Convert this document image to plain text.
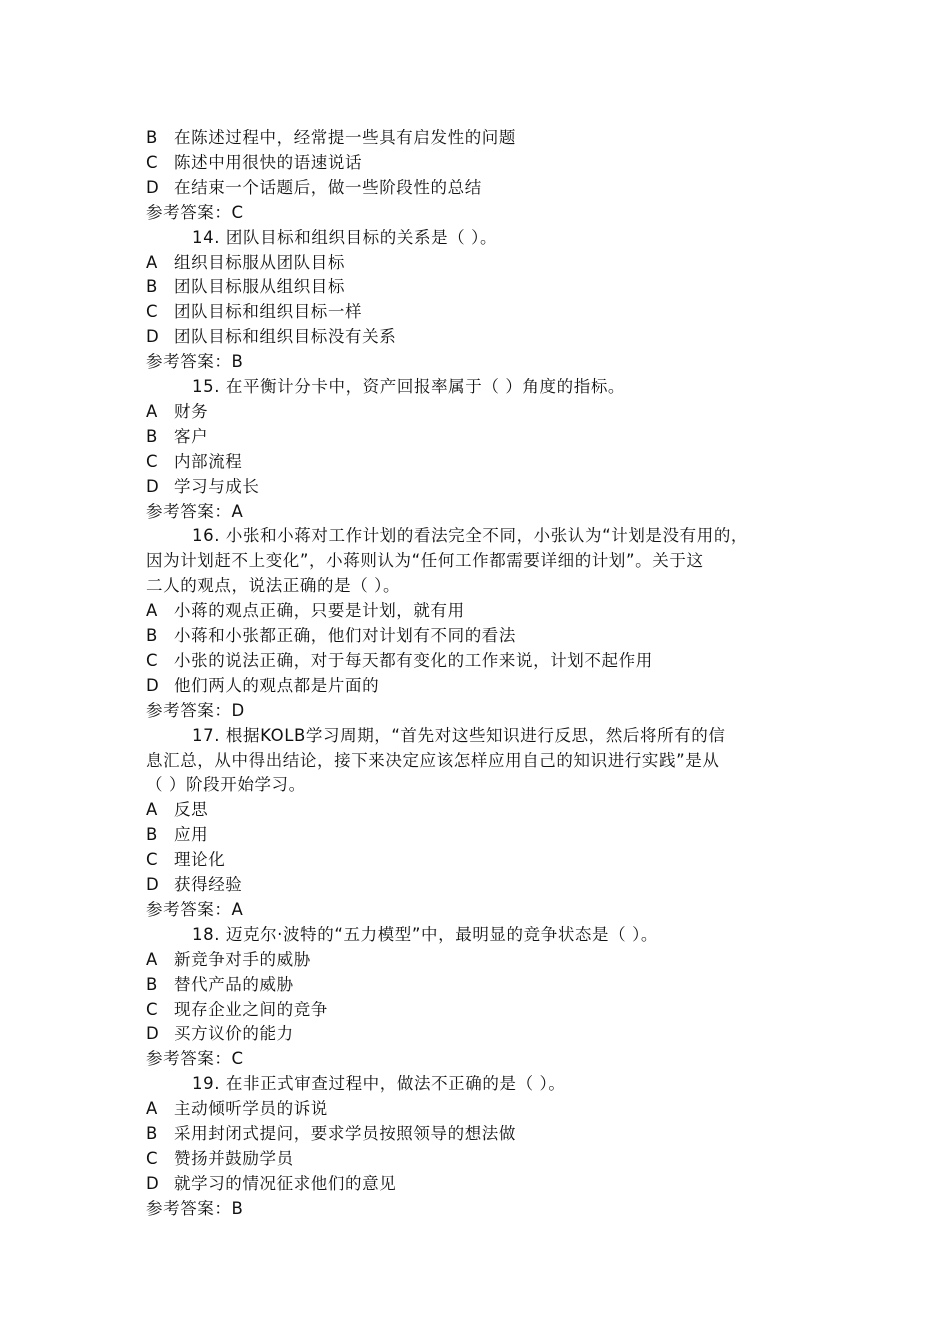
B 在陈述过程中，经常提一些具有启发性的问题
C 陈述中用很快的语速说话
D 在结束一个话题后，做一些阶段性的总结
参考答案：C
14. 团队目标和组织目标的关系是（ ）。
A 组织目标服从团队目标
B 团队目标服从组织目标
C 团队目标和组织目标一样
D 团队目标和组织目标没有关系
参考答案：B
15. 在平衡计分卡中，资产回报率属于（ ）角度的指标。
A 财务
B 客户
C 内部流程
D 学习与成长
参考答案：A
16. 小张和小蒋对工作计划的看法完全不同，小张认为“计划是没有用的，
因为计划赶不上变化”，小蒋则认为“任何工作都需要详细的计划”。关于这
二人的观点，说法正确的是（ ）。
A 小蒋的观点正确，只要是计划，就有用
B 小蒋和小张都正确，他们对计划有不同的看法
C 小张的说法正确，对于每天都有变化的工作来说，计划不起作用
D 他们两人的观点都是片面的
参考答案：D
17. 根据KOLB学习周期，“首先对这些知识进行反思，然后将所有的信
息汇总，从中得出结论，接下来决定应该怎样应用自己的知识进行实践”是从
（ ）阶段开始学习。
A 反思
B 应用
C 理论化
D 获得经验
参考答案：A
18. 迈克尔·波特的“五力模型”中，最明显的竞争状态是（ ）。
A 新竞争对手的威胁
B 替代产品的威胁
C 现存企业之间的竞争
D 买方议价的能力
参考答案：C
19. 在非正式审查过程中，做法不正确的是（ ）。
A 主动倾听学员的诉说
B 采用封闭式提问，要求学员按照领导的想法做
C 赞扬并鼓励学员
D 就学习的情况征求他们的意见
参考答案：B
